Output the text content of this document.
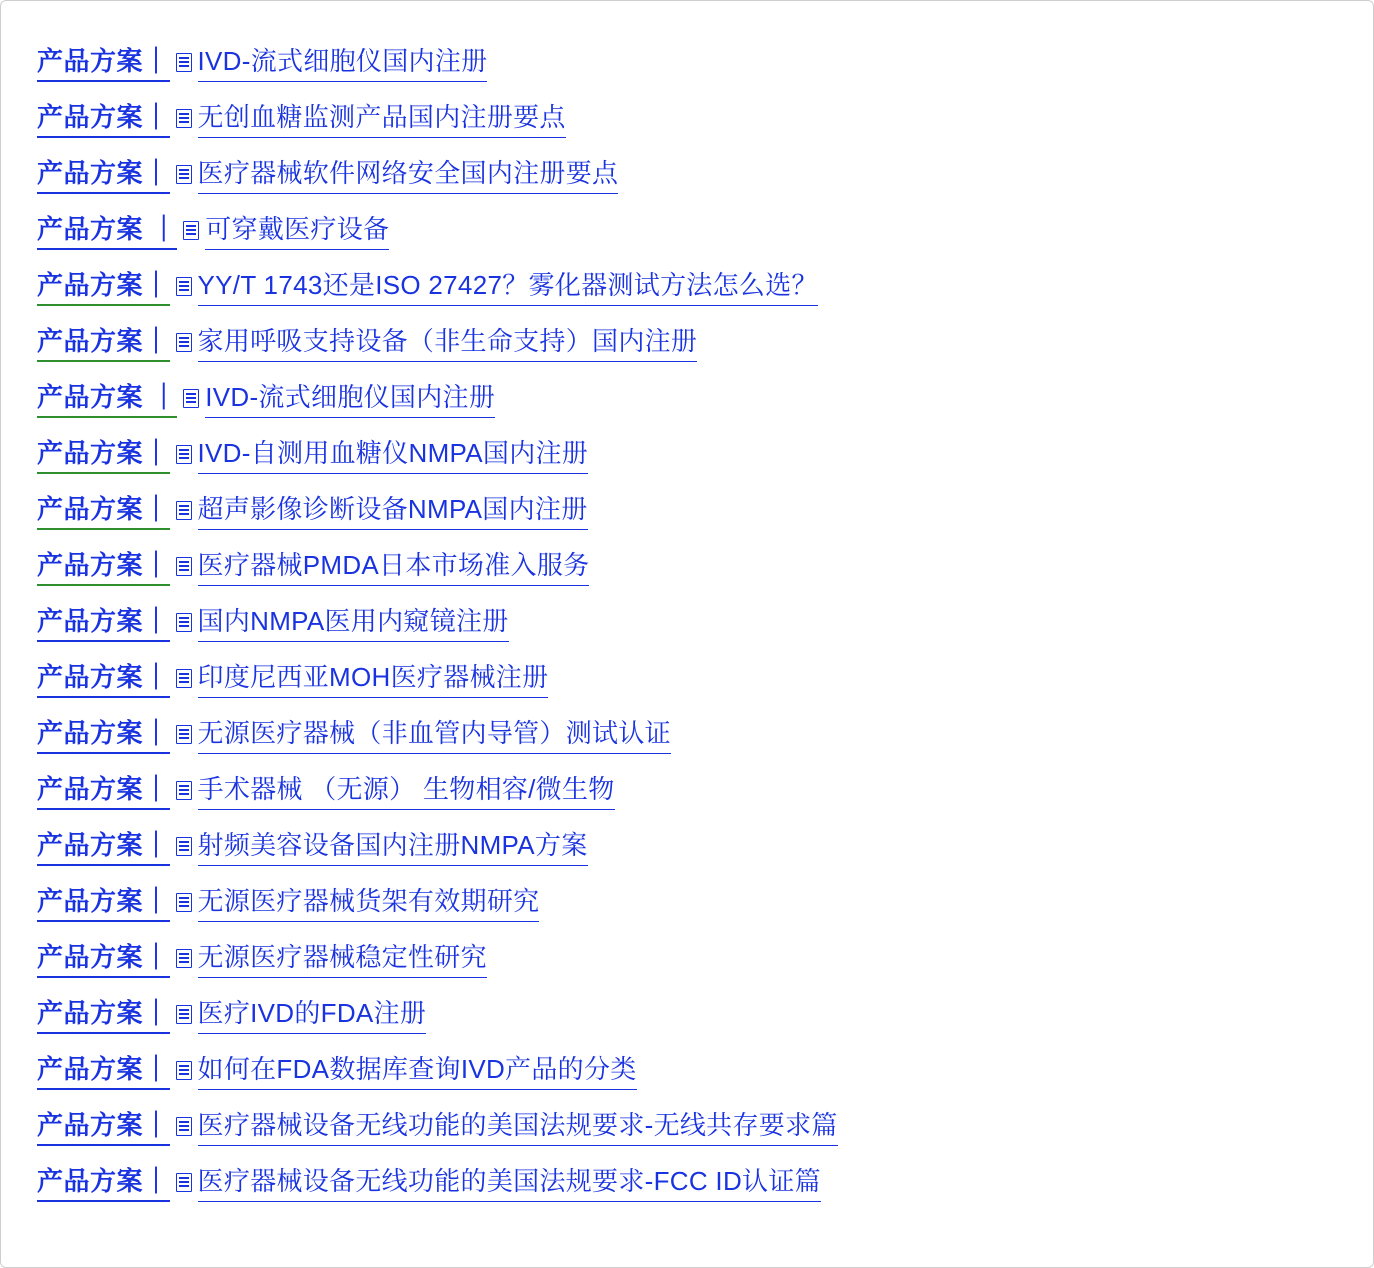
产品方案｜ IVD-流式细胞仪国内注册
产品方案｜ 无创血糖监测产品国内注册要点
产品方案｜ 医疗器械软件网络安全国内注册要点
产品方案 ｜ 可穿戴医疗设备
产品方案｜ YY/T 1743还是ISO 27427？雾化器测试方法怎么选？
产品方案｜ 家用呼吸支持设备（非生命支持）国内注册
产品方案 ｜ IVD-流式细胞仪国内注册
产品方案｜ IVD-自测用血糖仪NMPA国内注册
产品方案｜ 超声影像诊断设备NMPA国内注册
产品方案｜ 医疗器械PMDA日本市场准入服务
产品方案｜ 国内NMPA医用内窥镜注册
产品方案｜ 印度尼西亚MOH医疗器械注册
产品方案｜ 无源医疗器械（非血管内导管）测试认证
产品方案｜ 手术器械 （无源） 生物相容/微生物
产品方案｜ 射频美容设备国内注册NMPA方案
产品方案｜ 无源医疗器械货架有效期研究
产品方案｜ 无源医疗器械稳定性研究
产品方案｜ 医疗IVD的FDA注册
产品方案｜ 如何在FDA数据库查询IVD产品的分类
产品方案｜ 医疗器械设备无线功能的美国法规要求-无线共存要求篇
产品方案｜ 医疗器械设备无线功能的美国法规要求-FCC ID认证篇
